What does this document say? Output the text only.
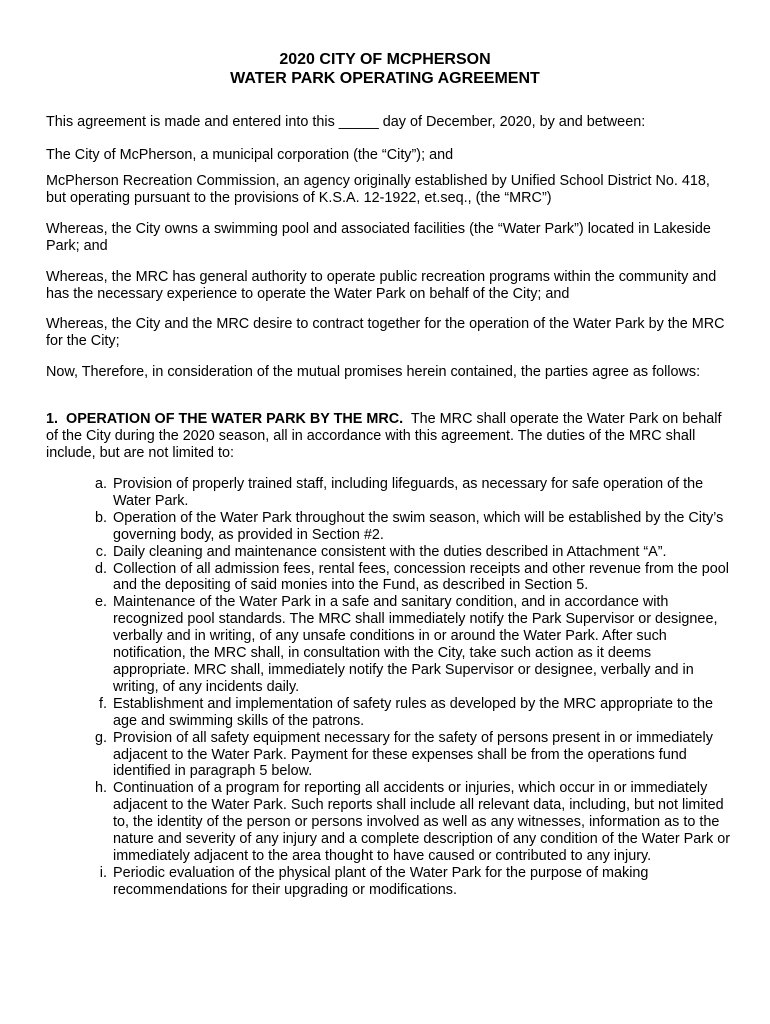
2020 CITY OF MCPHERSON
WATER PARK OPERATING AGREEMENT

This agreement is made and entered into this _____ day of December, 2020, by and between:

The City of McPherson, a municipal corporation (the “City”); and

McPherson Recreation Commission, an agency originally established by Unified School District No. 418, but operating pursuant to the provisions of K.S.A. 12-1922, et.seq., (the “MRC”)

Whereas, the City owns a swimming pool and associated facilities (the “Water Park”) located in Lakeside Park; and

Whereas, the MRC has general authority to operate public recreation programs within the community and has the necessary experience to operate the Water Park on behalf of the City; and

Whereas, the City and the MRC desire to contract together for the operation of the Water Park by the MRC for the City;

Now, Therefore, in consideration of the mutual promises herein contained, the parties agree as follows:

1. OPERATION OF THE WATER PARK BY THE MRC. The MRC shall operate the Water Park on behalf of the City during the 2020 season, all in accordance with this agreement. The duties of the MRC shall include, but are not limited to:

a. Provision of properly trained staff, including lifeguards, as necessary for safe operation of the Water Park.
b. Operation of the Water Park throughout the swim season, which will be established by the City’s governing body, as provided in Section #2.
c. Daily cleaning and maintenance consistent with the duties described in Attachment “A”.
d. Collection of all admission fees, rental fees, concession receipts and other revenue from the pool and the depositing of said monies into the Fund, as described in Section 5.
e. Maintenance of the Water Park in a safe and sanitary condition, and in accordance with recognized pool standards. The MRC shall immediately notify the Park Supervisor or designee, verbally and in writing, of any unsafe conditions in or around the Water Park. After such notification, the MRC shall, in consultation with the City, take such action as it deems appropriate. MRC shall, immediately notify the Park Supervisor or designee, verbally and in writing, of any incidents daily.
f. Establishment and implementation of safety rules as developed by the MRC appropriate to the age and swimming skills of the patrons.
g. Provision of all safety equipment necessary for the safety of persons present in or immediately adjacent to the Water Park. Payment for these expenses shall be from the operations fund identified in paragraph 5 below.
h. Continuation of a program for reporting all accidents or injuries, which occur in or immediately adjacent to the Water Park. Such reports shall include all relevant data, including, but not limited to, the identity of the person or persons involved as well as any witnesses, information as to the nature and severity of any injury and a complete description of any condition of the Water Park or immediately adjacent to the area thought to have caused or contributed to any injury.
i. Periodic evaluation of the physical plant of the Water Park for the purpose of making recommendations for their upgrading or modifications.
